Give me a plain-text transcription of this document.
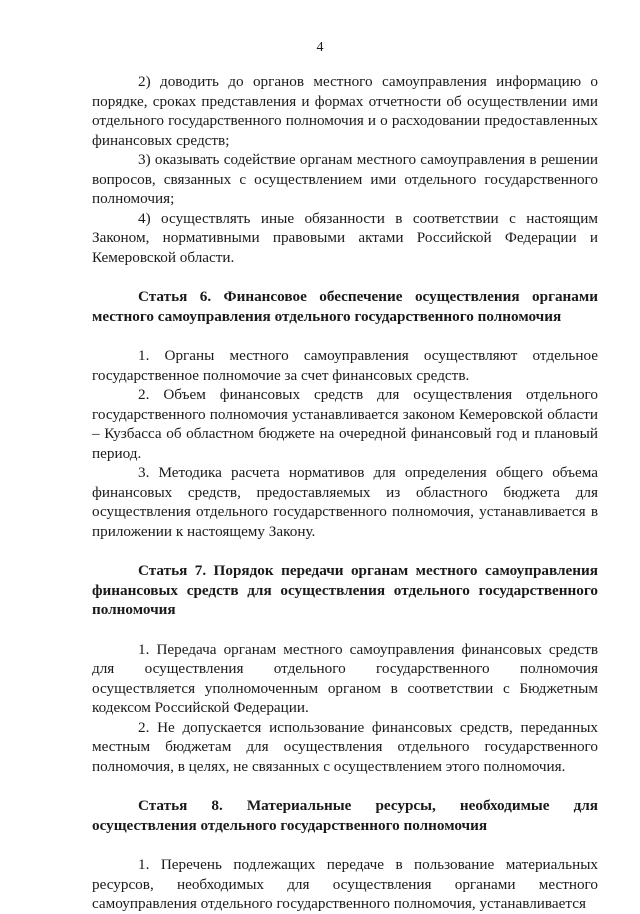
4

2) доводить до органов местного самоуправления информацию о порядке, сроках представления и формах отчетности об осуществлении ими отдельного государственного полномочия и о расходовании предоставленных финансовых средств;

3) оказывать содействие органам местного самоуправления в решении вопросов, связанных с осуществлением ими отдельного государственного полномочия;

4) осуществлять иные обязанности в соответствии с настоящим Законом, нормативными правовыми актами Российской Федерации и Кемеровской области.

Статья 6. Финансовое обеспечение осуществления органами местного самоуправления отдельного государственного полномочия

1. Органы местного самоуправления осуществляют отдельное государственное полномочие за счет финансовых средств.

2. Объем финансовых средств для осуществления отдельного государственного полномочия устанавливается законом Кемеровской области – Кузбасса об областном бюджете на очередной финансовый год и плановый период.

3. Методика расчета нормативов для определения общего объема финансовых средств, предоставляемых из областного бюджета для осуществления отдельного государственного полномочия, устанавливается в приложении к настоящему Закону.

Статья 7. Порядок передачи органам местного самоуправления финансовых средств для осуществления отдельного государственного полномочия

1. Передача органам местного самоуправления финансовых средств для осуществления отдельного государственного полномочия осуществляется уполномоченным органом в соответствии с Бюджетным кодексом Российской Федерации.

2. Не допускается использование финансовых средств, переданных местным бюджетам для осуществления отдельного государственного полномочия, в целях, не связанных с осуществлением этого полномочия.

Статья 8. Материальные ресурсы, необходимые для осуществления отдельного государственного полномочия

1. Перечень подлежащих передаче в пользование материальных ресурсов, необходимых для осуществления органами местного самоуправления отдельного государственного полномочия, устанавливается
